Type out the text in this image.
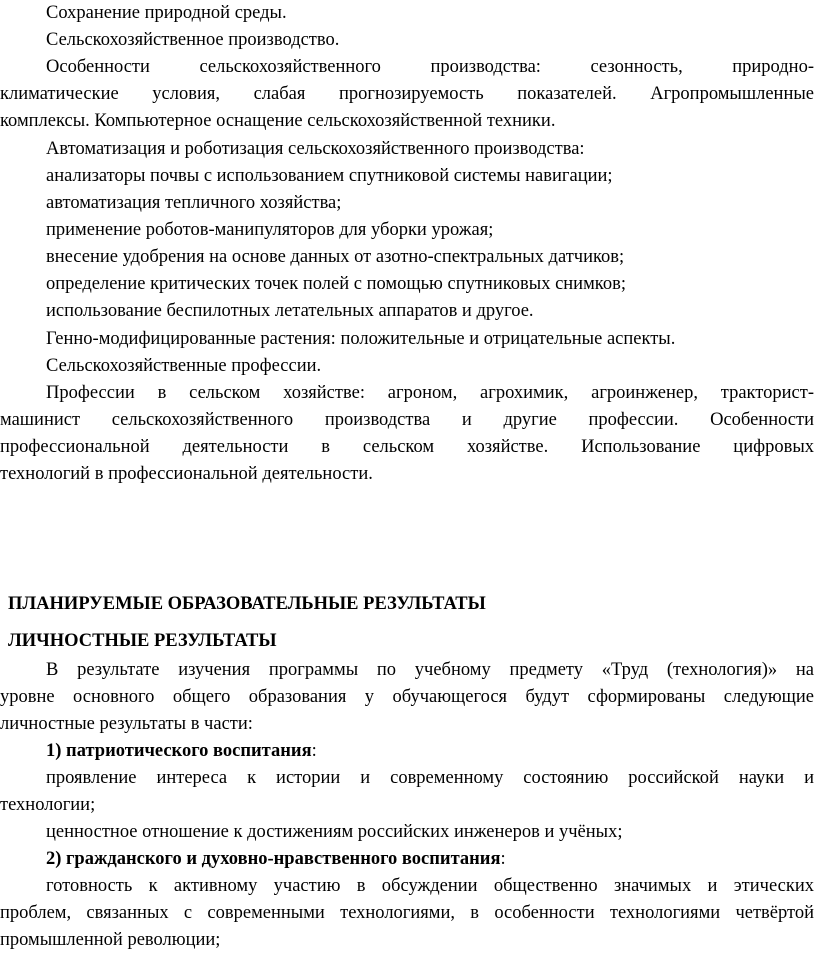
Сохранение природной среды.
Сельскохозяйственное производство.
Особенности сельскохозяйственного производства: сезонность, природно-
климатические условия, слабая прогнозируемость показателей. Агропромышленные
комплексы. Компьютерное оснащение сельскохозяйственной техники.
Автоматизация и роботизация сельскохозяйственного производства:
анализаторы почвы с использованием спутниковой системы навигации;
автоматизация тепличного хозяйства;
применение роботов-манипуляторов для уборки урожая;
внесение удобрения на основе данных от азотно-спектральных датчиков;
определение критических точек полей с помощью спутниковых снимков;
использование беспилотных летательных аппаратов и другое.
Генно-модифицированные растения: положительные и отрицательные аспекты.
Сельскохозяйственные профессии.
Профессии в сельском хозяйстве: агроном, агрохимик, агроинженер, тракторист-
машинист сельскохозяйственного производства и другие профессии. Особенности
профессиональной деятельности в сельском хозяйстве. Использование цифровых
технологий в профессиональной деятельности.
ПЛАНИРУЕМЫЕ ОБРАЗОВАТЕЛЬНЫЕ РЕЗУЛЬТАТЫ
ЛИЧНОСТНЫЕ РЕЗУЛЬТАТЫ
В результате изучения программы по учебному предмету «Труд (технология)» на
уровне основного общего образования у обучающегося будут сформированы следующие
личностные результаты в части:
1) патриотического воспитания:
проявление интереса к истории и современному состоянию российской науки и
технологии;
ценностное отношение к достижениям российских инженеров и учёных;
2) гражданского и духовно-нравственного воспитания:
готовность к активному участию в обсуждении общественно значимых и этических
проблем, связанных с современными технологиями, в особенности технологиями четвёртой
промышленной революции;
